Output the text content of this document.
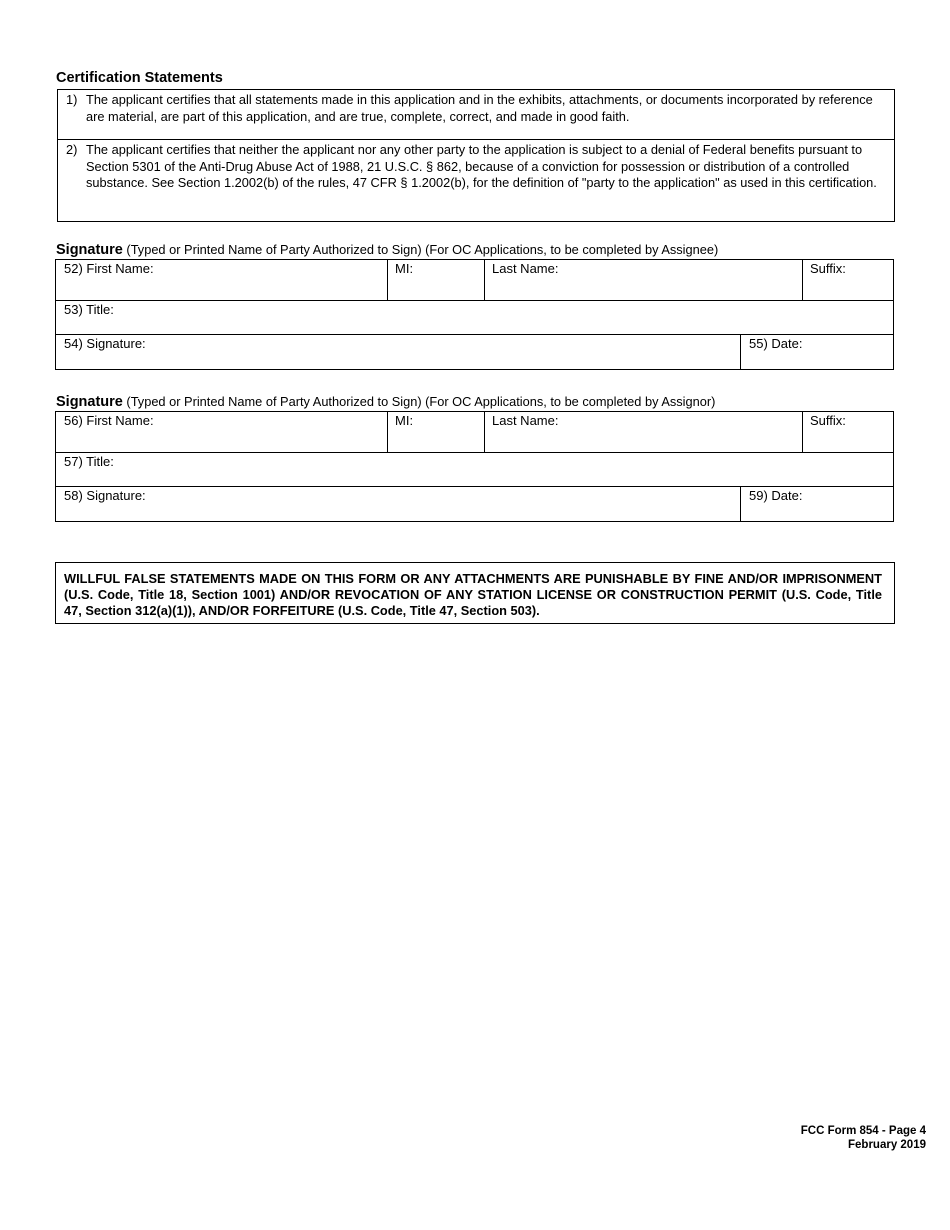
Certification Statements
1) The applicant certifies that all statements made in this application and in the exhibits, attachments, or documents incorporated by reference are material, are part of this application, and are true, complete, correct, and made in good faith.
2) The applicant certifies that neither the applicant nor any other party to the application is subject to a denial of Federal benefits pursuant to Section 5301 of the Anti-Drug Abuse Act of 1988, 21 U.S.C. § 862, because of a conviction for possession or distribution of a controlled substance. See Section 1.2002(b) of the rules, 47 CFR § 1.2002(b), for the definition of "party to the application" as used in this certification.
Signature (Typed or Printed Name of Party Authorized to Sign) (For OC Applications, to be completed by Assignee)
52) First Name:	MI:	Last Name:	Suffix:
53) Title:
54) Signature:	55) Date:
Signature (Typed or Printed Name of Party Authorized to Sign) (For OC Applications, to be completed by Assignor)
56) First Name:	MI:	Last Name:	Suffix:
57) Title:
58) Signature:	59) Date:
WILLFUL FALSE STATEMENTS MADE ON THIS FORM OR ANY ATTACHMENTS ARE PUNISHABLE BY FINE AND/OR IMPRISONMENT (U.S. Code, Title 18, Section 1001) AND/OR REVOCATION OF ANY STATION LICENSE OR CONSTRUCTION PERMIT (U.S. Code, Title 47, Section 312(a)(1)), AND/OR FORFEITURE (U.S. Code, Title 47, Section 503).
FCC Form 854 - Page 4
February 2019
